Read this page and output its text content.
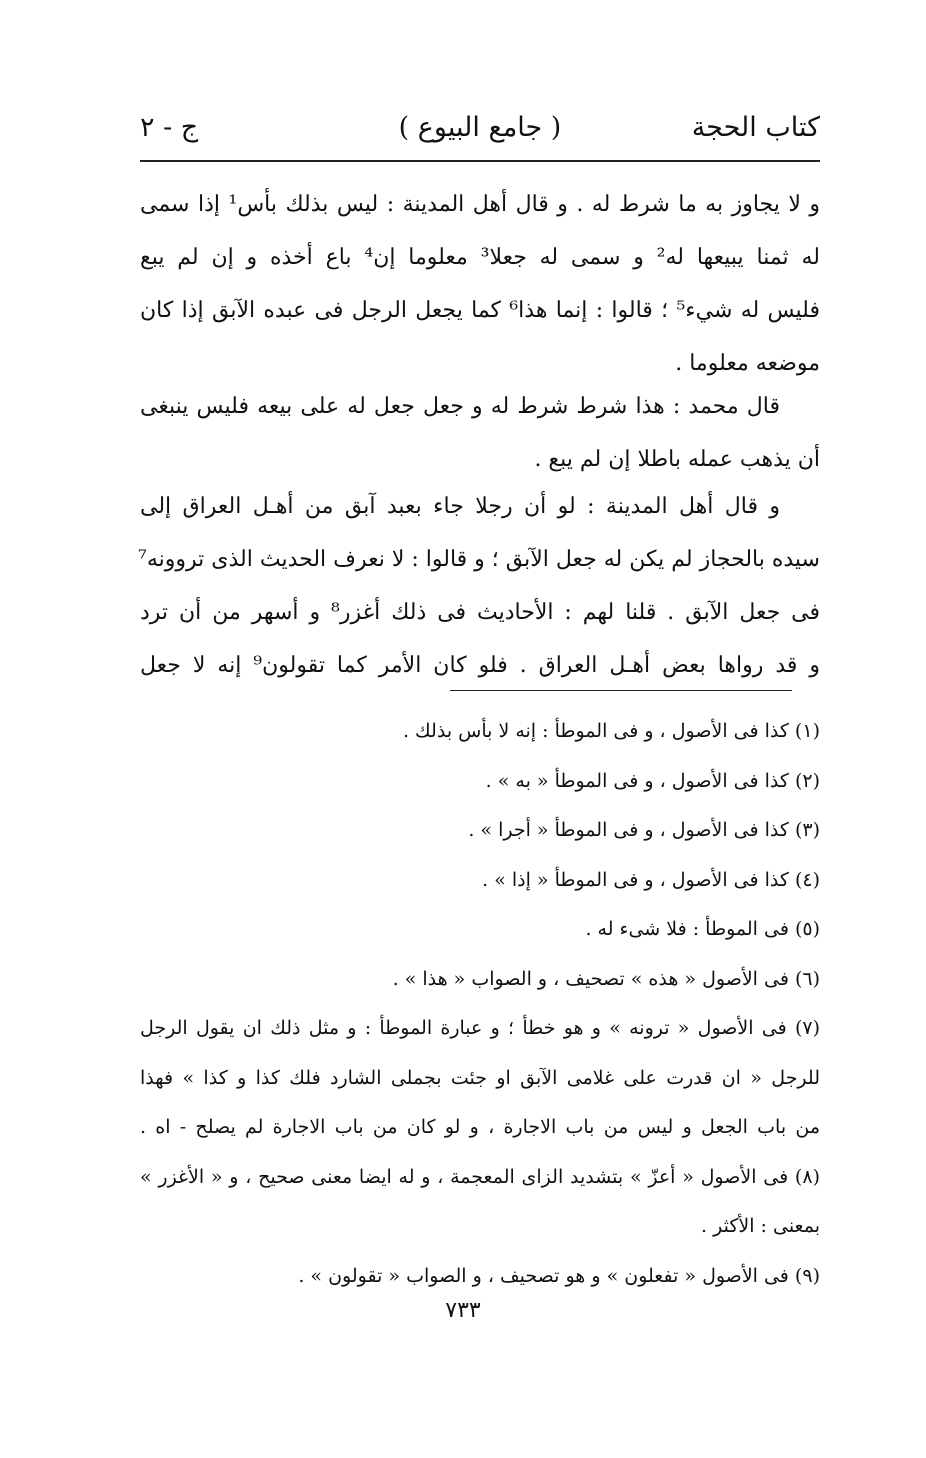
كتاب الحجة
( جامع البيوع )
ج - ٢
و لا يجاوز به ما شرط له . و قال أهل المدينة : ليس بذلك بأس¹ إذا سمى
له ثمنا يبيعها له² و سمى له جعلا³ معلوما إن⁴ باع أخذه و إن لم يبع
فليس له شيء⁵ ؛ قالوا : إنما هذا⁶ كما يجعل الرجل فى عبده الآبق إذا كان
موضعه معلوما .
قال محمد : هذا شرط شرط له و جعل جعل له على بيعه فليس ينبغى
أن يذهب عمله باطلا إن لم يبع .
و قال أهل المدينة : لو أن رجلا جاء بعبد آبق من أهـل العراق إلى
سيده بالحجاز لم يكن له جعل الآبق ؛ و قالوا : لا نعرف الحديث الذى تروونه⁷
فى جعل الآبق . قلنا لهم : الأحاديث فى ذلك أغزر⁸ و أسهر من أن ترد
و قد رواها بعض أهـل العراق . فلو كان الأمر كما تقولون⁹ إنه لا جعل
(١) كذا فى الأصول ، و فى الموطأ : إنه لا بأس بذلك .
(٢) كذا فى الأصول ، و فى الموطأ « به » .
(٣) كذا فى الأصول ، و فى الموطأ « أجرا » .
(٤) كذا فى الأصول ، و فى الموطأ « إذا » .
(٥) فى الموطأ : فلا شىء له .
(٦) فى الأصول « هذه » تصحيف ، و الصواب « هذا » .
(٧) فى الأصول « ترونه » و هو خطأ ؛ و عبارة الموطأ : و مثل ذلك ان يقول الرجل
للرجل « ان قدرت على غلامى الآبق او جئت بجملى الشارد فلك كذا و كذا » فهذا
من باب الجعل و ليس من باب الاجارة ، و لو كان من باب الاجارة لم يصلح - اه .
(٨) فى الأصول « أعزّ » بتشديد الزاى المعجمة ، و له ايضا معنى صحيح ، و « الأغزر »
بمعنى : الأكثر .
(٩) فى الأصول « تفعلون » و هو تصحيف ، و الصواب « تقولون » .
٧٣٣
